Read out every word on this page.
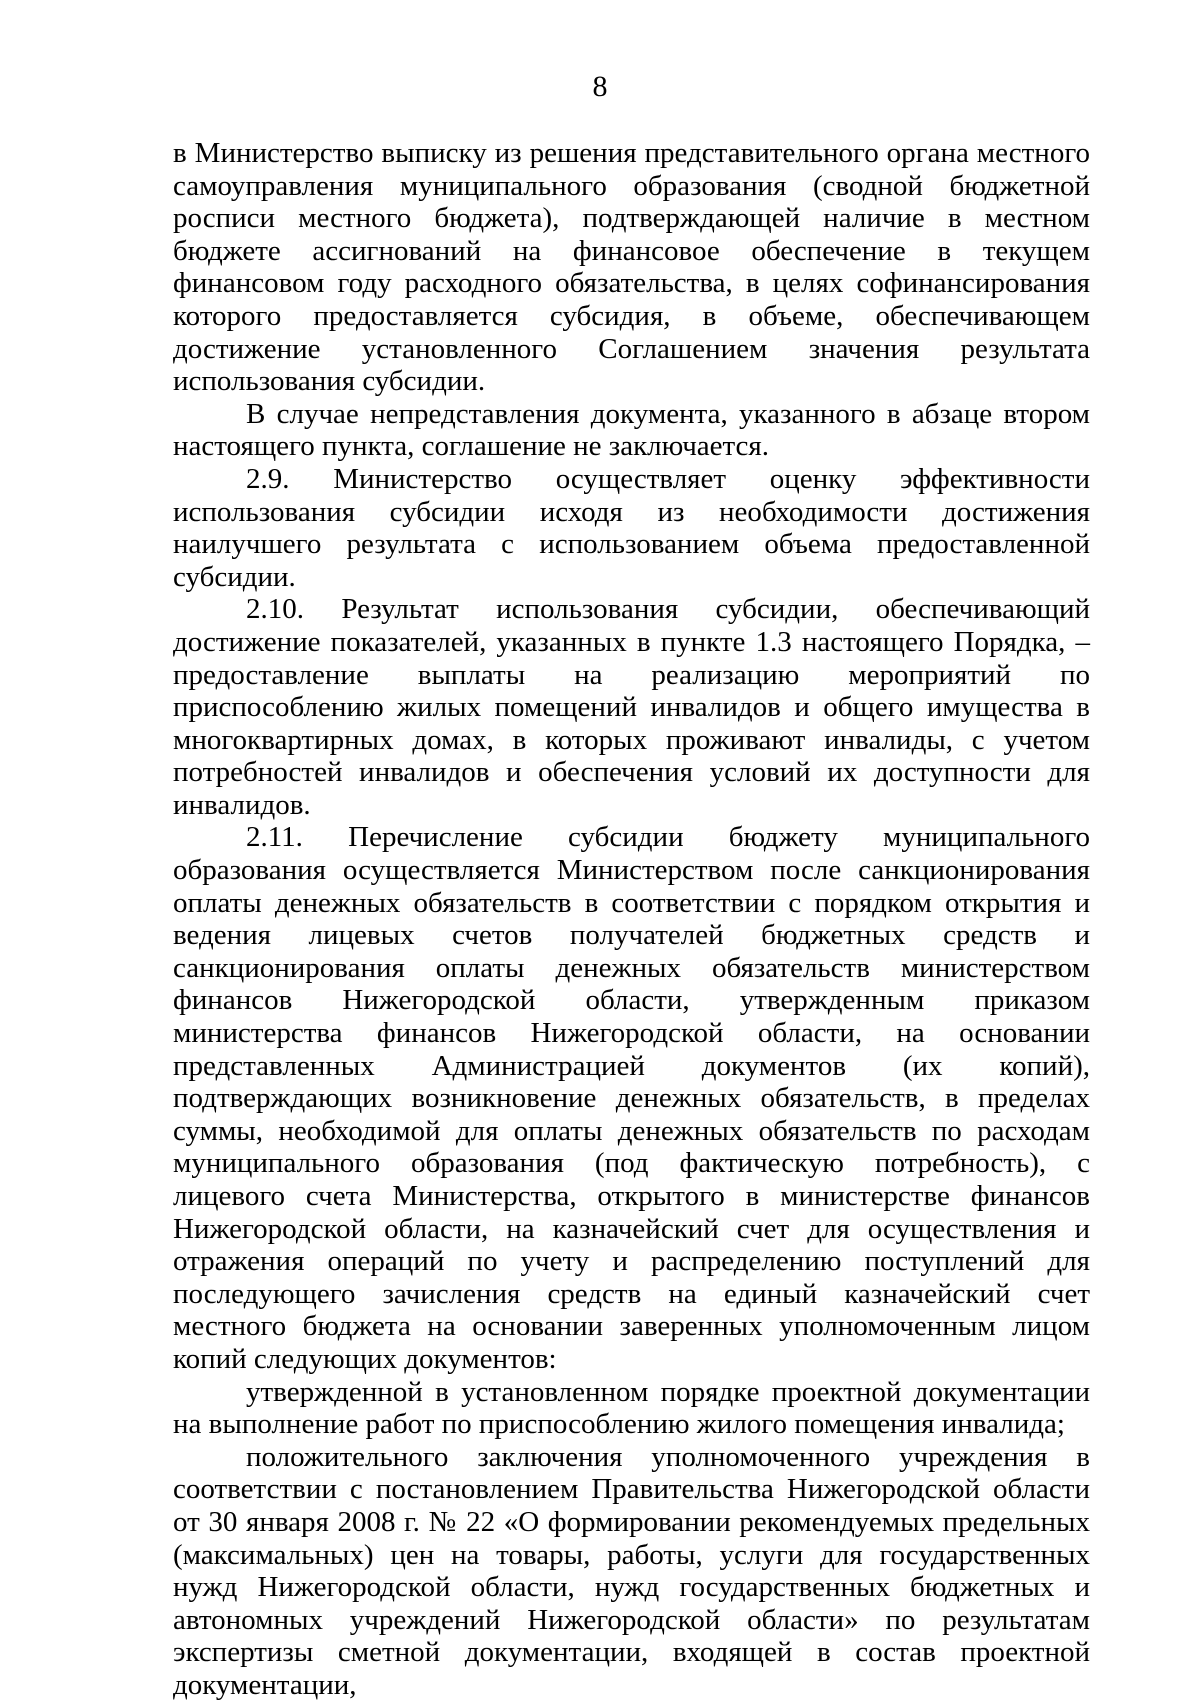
8

в Министерство выписку из решения представительного органа местного самоуправления муниципального образования (сводной бюджетной росписи местного бюджета), подтверждающей наличие в местном бюджете ассигнований на финансовое обеспечение в текущем финансовом году расходного обязательства, в целях софинансирования которого предоставляется субсидия, в объеме, обеспечивающем достижение установленного Соглашением значения результата использования субсидии.

В случае непредставления документа, указанного в абзаце втором настоящего пункта, соглашение не заключается.

2.9. Министерство осуществляет оценку эффективности использования субсидии исходя из необходимости достижения наилучшего результата с использованием объема предоставленной субсидии.

2.10. Результат использования субсидии, обеспечивающий достижение показателей, указанных в пункте 1.3 настоящего Порядка, – предоставление выплаты на реализацию мероприятий по приспособлению жилых помещений инвалидов и общего имущества в многоквартирных домах, в которых проживают инвалиды, с учетом потребностей инвалидов и обеспечения условий их доступности для инвалидов.

2.11. Перечисление субсидии бюджету муниципального образования осуществляется Министерством после санкционирования оплаты денежных обязательств в соответствии с порядком открытия и ведения лицевых счетов получателей бюджетных средств и санкционирования оплаты денежных обязательств министерством финансов Нижегородской области, утвержденным приказом министерства финансов Нижегородской области, на основании представленных Администрацией документов (их копий), подтверждающих возникновение денежных обязательств, в пределах суммы, необходимой для оплаты денежных обязательств по расходам муниципального образования (под фактическую потребность), с лицевого счета Министерства, открытого в министерстве финансов Нижегородской области, на казначейский счет для осуществления и отражения операций по учету и распределению поступлений для последующего зачисления средств на единый казначейский счет местного бюджета на основании заверенных уполномоченным лицом копий следующих документов:

утвержденной в установленном порядке проектной документации на выполнение работ по приспособлению жилого помещения инвалида;

положительного заключения уполномоченного учреждения в соответствии с постановлением Правительства Нижегородской области от 30 января 2008 г. № 22 «О формировании рекомендуемых предельных (максимальных) цен на товары, работы, услуги для государственных нужд Нижегородской области, нужд государственных бюджетных и автономных учреждений Нижегородской области» по результатам экспертизы сметной документации, входящей в состав проектной документации,
